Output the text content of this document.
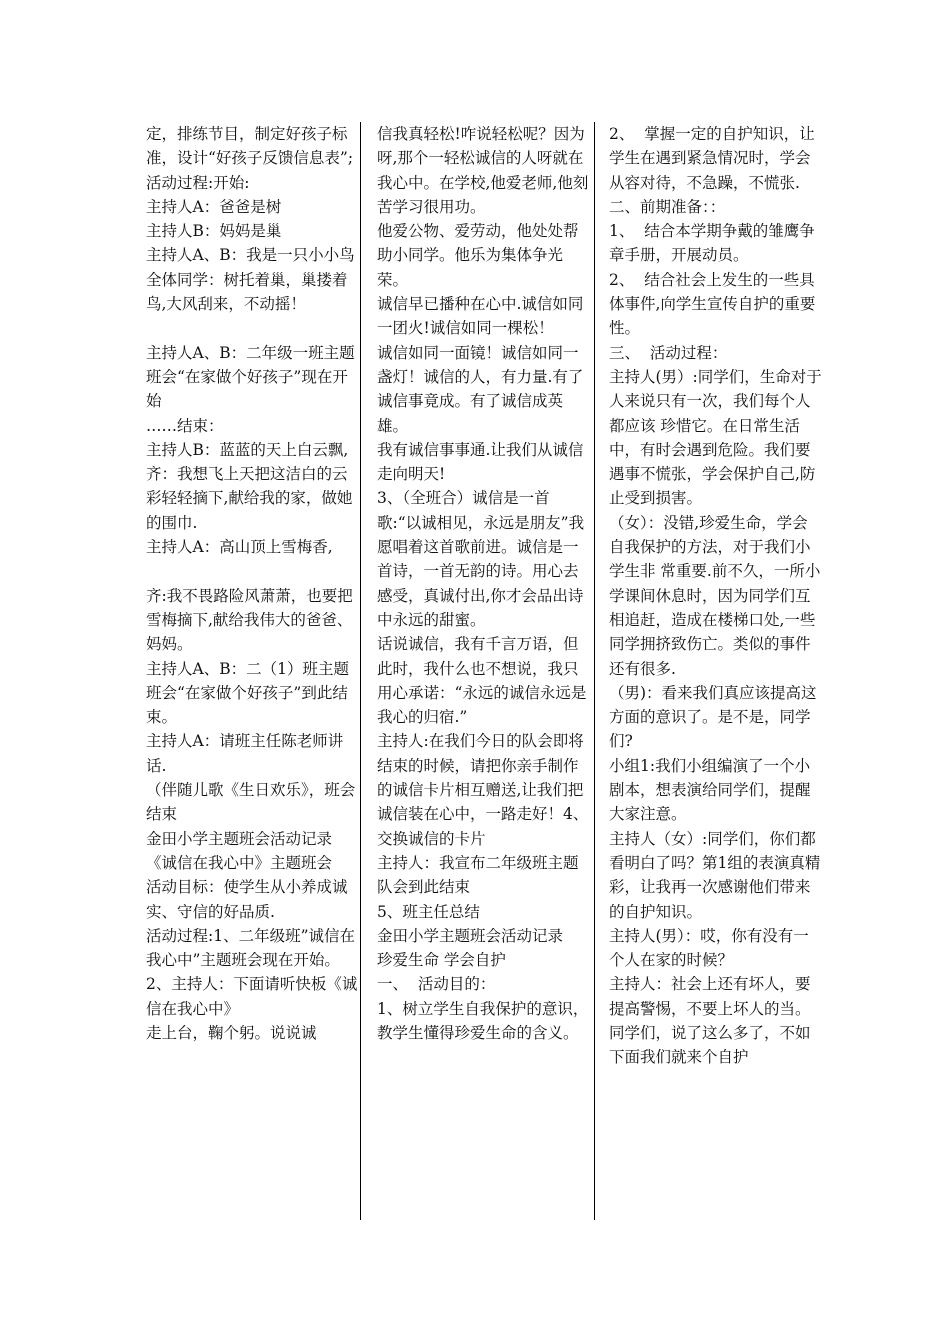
定，排练节目，制定好孩子标准，设计“好孩子反馈信息表”;

活动过程:开始:

主持人A：爸爸是树

主持人B：妈妈是巢

主持人A、B：我是一只小小鸟

全体同学：树托着巢，巢搂着鸟,大风刮来，不动摇！

主持人A、B：二年级一班主题班会“在家做个好孩子”现在开始

……结束：

主持人B：蓝蓝的天上白云飘,

齐：我想飞上天把这洁白的云彩轻轻摘下,献给我的家，做她的围巾.

主持人A：高山顶上雪梅香,

齐:我不畏路险风萧萧，也要把雪梅摘下,献给我伟大的爸爸、妈妈。

主持人A、B：二（1）班主题班会“在家做个好孩子”到此结束。

主持人A：请班主任陈老师讲话.

（伴随儿歌《生日欢乐》，班会结束

金田小学主题班会活动记录

《诚信在我心中》主题班会

活动目标：使学生从小养成诚实、守信的好品质.

活动过程:1、二年级班”诚信在我心中”主题班会现在开始。

2、主持人：下面请听快板《诚信在我心中》

走上台，鞠个躬。说说诚

信我真轻松!咋说轻松呢？因为呀,那个一轻松诚信的人呀就在我心中。在学校,他爱老师,他刻苦学习很用功。

他爱公物、爱劳动，他处处帮助小同学。他乐为集体争光荣。

诚信早已播种在心中.诚信如同一团火!诚信如同一棵松！

诚信如同一面镜！诚信如同一盏灯！诚信的人，有力量.有了诚信事竟成。有了诚信成英雄。

我有诚信事事通.让我们从诚信走向明天!

3、（全班合）诚信是一首歌:“以诚相见，永远是朋友”我愿唱着这首歌前进。诚信是一首诗，一首无韵的诗。用心去感受，真诚付出,你才会品出诗中永远的甜蜜。

话说诚信，我有千言万语，但此时，我什么也不想说，我只用心承诺：“永远的诚信永远是我心的归宿.”

主持人:在我们今日的队会即将结束的时候，请把你亲手制作的诚信卡片相互赠送,让我们把诚信装在心中，一路走好！4、交换诚信的卡片

主持人：我宣布二年级班主题队会到此结束

5、班主任总结

金田小学主题班会活动记录

珍爱生命 学会自护

一、  活动目的：

1、树立学生自我保护的意识，教学生懂得珍爱生命的含义。

2、  掌握一定的自护知识，让学生在遇到紧急情况时，学会从容对待，不急躁，不慌张.

二、前期准备：：

1、  结合本学期争戴的雏鹰争章手册，开展动员。

2、  结合社会上发生的一些具体事件,向学生宣传自护的重要性。

三、  活动过程：

主持人(男）:同学们，生命对于人来说只有一次，我们每个人都应该 珍惜它。在日常生活中，有时会遇到危险。我们要遇事不慌张，学会保护自己,防止受到损害。

（女）：没错,珍爱生命，学会自我保护的方法，对于我们小学生非 常重要.前不久，一所小学课间休息时，因为同学们互相追赶，造成在楼梯口处,一些同学拥挤致伤亡。类似的事件还有很多.

（男)：看来我们真应该提高这方面的意识了。是不是，同学们?

小组1:我们小组编演了一个小剧本，想表演给同学们，提醒大家注意。

主持人（女）:同学们，你们都看明白了吗？第1组的表演真精彩，让我再一次感谢他们带来的自护知识。

主持人(男）：哎，你有没有一个人在家的时候？

主持人：社会上还有坏人，要提高警惕，不要上坏人的当。

同学们，说了这么多了，不如下面我们就来个自护
